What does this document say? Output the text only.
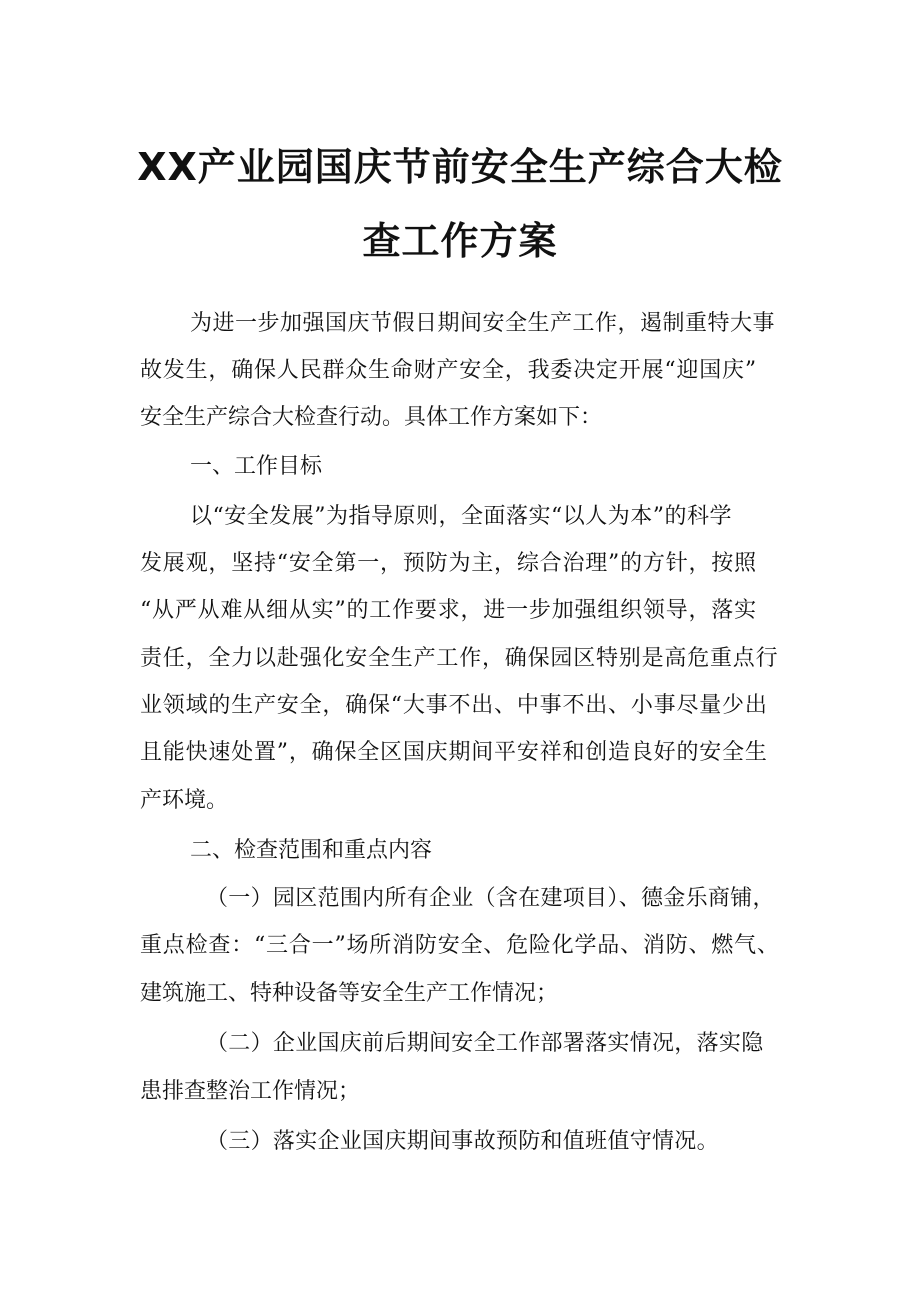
XX产业园国庆节前安全生产综合大检
查工作方案
为进一步加强国庆节假日期间安全生产工作，遏制重特大事
故发生，确保人民群众生命财产安全，我委决定开展“迎国庆”
安全生产综合大检查行动。具体工作方案如下：
一、工作目标
以“安全发展”为指导原则，全面落实“以人为本”的科学
发展观，坚持“安全第一，预防为主，综合治理”的方针，按照
“从严从难从细从实”的工作要求，进一步加强组织领导，落实
责任，全力以赴强化安全生产工作，确保园区特别是高危重点行
业领域的生产安全，确保“大事不出、中事不出、小事尽量少出
且能快速处置”，确保全区国庆期间平安祥和创造良好的安全生
产环境。
二、检查范围和重点内容
（一）园区范围内所有企业（含在建项目）、德金乐商铺，
重点检查：“三合一”场所消防安全、危险化学品、消防、燃气、
建筑施工、特种设备等安全生产工作情况；
（二）企业国庆前后期间安全工作部署落实情况，落实隐
患排查整治工作情况；
（三）落实企业国庆期间事故预防和值班值守情况。
